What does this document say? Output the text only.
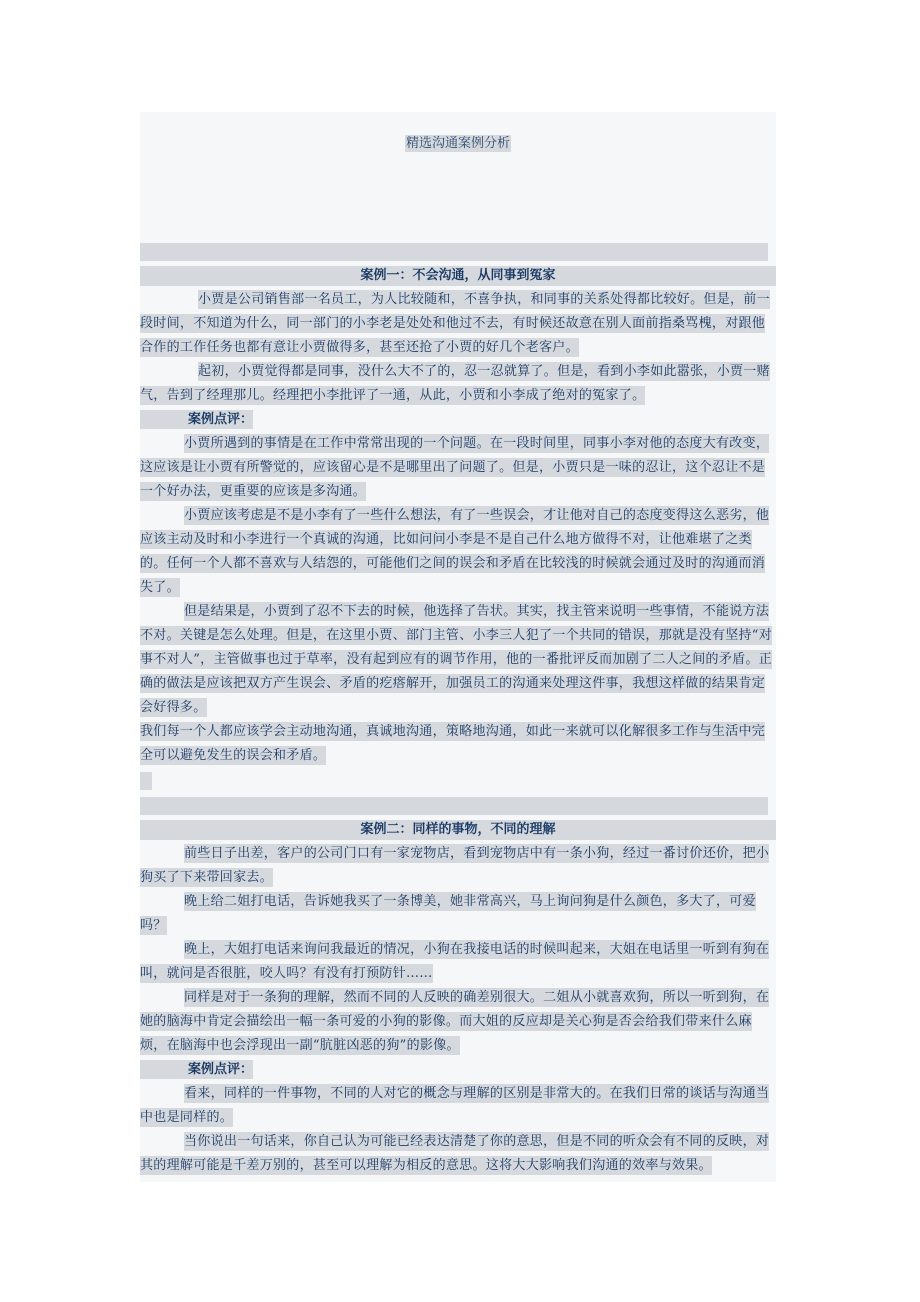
精选沟通案例分析
案例一：不会沟通，从同事到冤家
小贾是公司销售部一名员工，为人比较随和，不喜争执，和同事的关系处得都比较好。但是，前一段时间，不知道为什么，同一部门的小李老是处处和他过不去，有时候还故意在别人面前指桑骂槐，对跟他合作的工作任务也都有意让小贾做得多，甚至还抢了小贾的好几个老客户。
起初，小贾觉得都是同事，没什么大不了的，忍一忍就算了。但是，看到小李如此嚣张，小贾一赌气，告到了经理那儿。经理把小李批评了一通，从此，小贾和小李成了绝对的冤家了。
案例点评：
小贾所遇到的事情是在工作中常常出现的一个问题。在一段时间里，同事小李对他的态度大有改变，这应该是让小贾有所警觉的，应该留心是不是哪里出了问题了。但是，小贾只是一味的忍让，这个忍让不是一个好办法，更重要的应该是多沟通。
小贾应该考虑是不是小李有了一些什么想法，有了一些误会，才让他对自己的态度变得这么恶劣，他应该主动及时和小李进行一个真诚的沟通，比如问问小李是不是自己什么地方做得不对，让他难堪了之类的。任何一个人都不喜欢与人结怨的，可能他们之间的误会和矛盾在比较浅的时候就会通过及时的沟通而消失了。
但是结果是，小贾到了忍不下去的时候，他选择了告状。其实，找主管来说明一些事情，不能说方法不对。关键是怎么处理。但是，在这里小贾、部门主管、小李三人犯了一个共同的错误，那就是没有坚持“对事不对人”，主管做事也过于草率，没有起到应有的调节作用，他的一番批评反而加剧了二人之间的矛盾。正确的做法是应该把双方产生误会、矛盾的疙瘩解开，加强员工的沟通来处理这件事，我想这样做的结果肯定会好得多。
我们每一个人都应该学会主动地沟通，真诚地沟通，策略地沟通，如此一来就可以化解很多工作与生活中完全可以避免发生的误会和矛盾。
案例二：同样的事物，不同的理解
前些日子出差，客户的公司门口有一家宠物店，看到宠物店中有一条小狗，经过一番讨价还价，把小狗买了下来带回家去。
晚上给二姐打电话，告诉她我买了一条博美，她非常高兴，马上询问狗是什么颜色，多大了，可爱吗？
晚上，大姐打电话来询问我最近的情况，小狗在我接电话的时候叫起来，大姐在电话里一听到有狗在叫，就问是否很脏，咬人吗？有没有打预防针……
同样是对于一条狗的理解，然而不同的人反映的确差别很大。二姐从小就喜欢狗，所以一听到狗，在她的脑海中肯定会描绘出一幅一条可爱的小狗的影像。而大姐的反应却是关心狗是否会给我们带来什么麻烦，在脑海中也会浮现出一副“肮脏凶恶的狗”的影像。
案例点评：
看来，同样的一件事物，不同的人对它的概念与理解的区别是非常大的。在我们日常的谈话与沟通当中也是同样的。
当你说出一句话来，你自己认为可能已经表达清楚了你的意思，但是不同的听众会有不同的反映，对其的理解可能是千差万别的，甚至可以理解为相反的意思。这将大大影响我们沟通的效率与效果。
